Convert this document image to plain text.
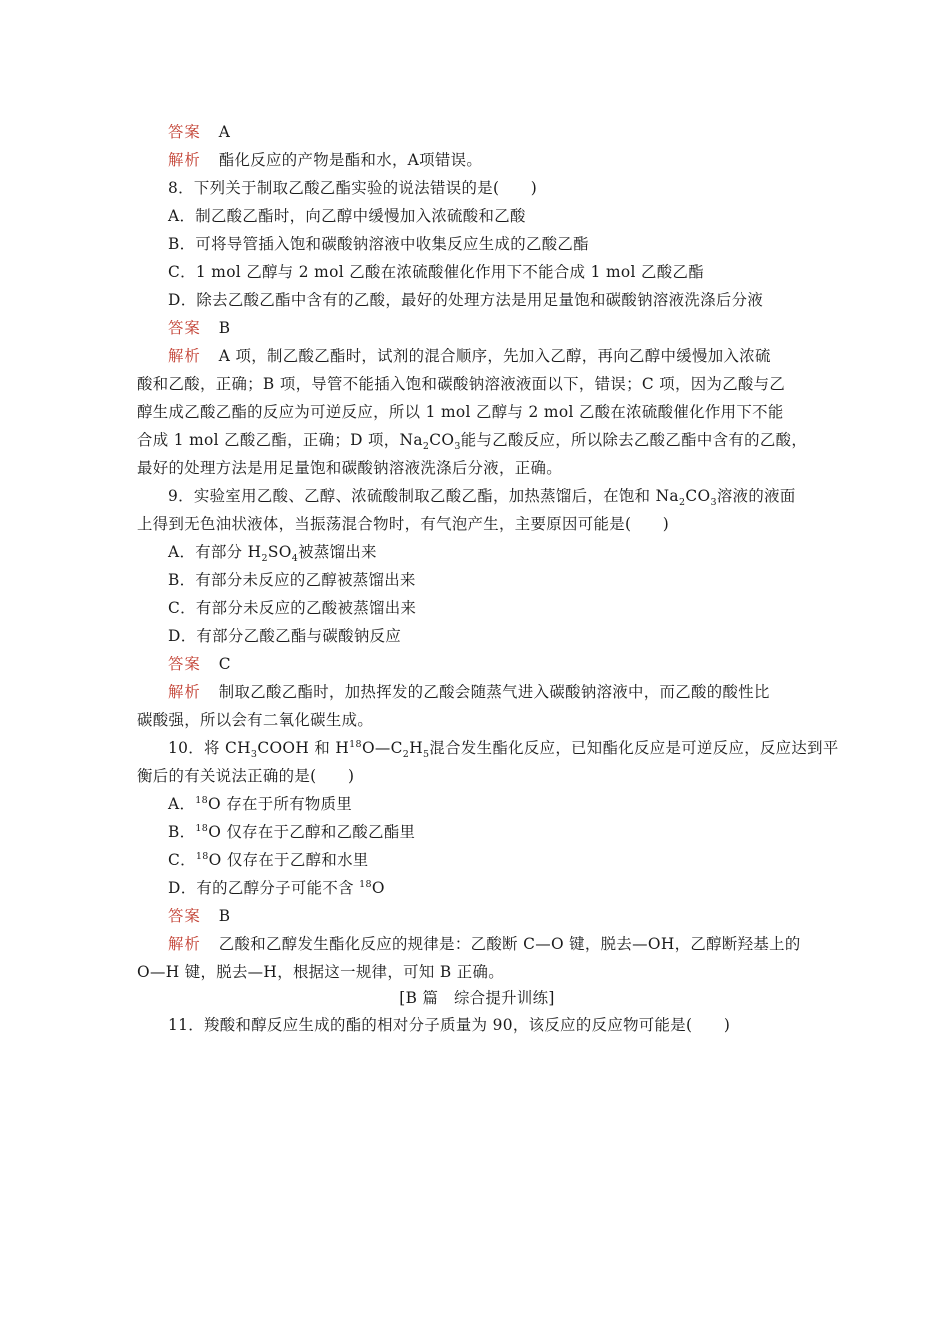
答案 A
解析 酯化反应的产物是酯和水，A项错误。
8．下列关于制取乙酸乙酯实验的说法错误的是(　　)
A．制乙酸乙酯时，向乙醇中缓慢加入浓硫酸和乙酸
B．可将导管插入饱和碳酸钠溶液中收集反应生成的乙酸乙酯
C．1 mol 乙醇与 2 mol 乙酸在浓硫酸催化作用下不能合成 1 mol 乙酸乙酯
D．除去乙酸乙酯中含有的乙酸，最好的处理方法是用足量饱和碳酸钠溶液洗涤后分液
答案 B
解析 A 项，制乙酸乙酯时，试剂的混合顺序，先加入乙醇，再向乙醇中缓慢加入浓硫
酸和乙酸，正确；B 项，导管不能插入饱和碳酸钠溶液液面以下，错误；C 项，因为乙酸与乙
醇生成乙酸乙酯的反应为可逆反应，所以 1 mol 乙醇与 2 mol 乙酸在浓硫酸催化作用下不能
合成 1 mol 乙酸乙酯，正确；D 项，$Na_2CO_3$能与乙酸反应，所以除去乙酸乙酯中含有的乙酸，
最好的处理方法是用足量饱和碳酸钠溶液洗涤后分液，正确。
9．实验室用乙酸、乙醇、浓硫酸制取乙酸乙酯，加热蒸馏后，在饱和 $Na_2CO_3$溶液的液面
上得到无色油状液体，当振荡混合物时，有气泡产生，主要原因可能是(　　)
A．有部分 $H_2SO_4$被蒸馏出来
B．有部分未反应的乙醇被蒸馏出来
C．有部分未反应的乙酸被蒸馏出来
D．有部分乙酸乙酯与碳酸钠反应
答案 C
解析 制取乙酸乙酯时，加热挥发的乙酸会随蒸气进入碳酸钠溶液中，而乙酸的酸性比
碳酸强，所以会有二氧化碳生成。
10．将 $CH_3COOH$ 和 $H^{18}O—C_2H_5$混合发生酯化反应，已知酯化反应是可逆反应，反应达到平
衡后的有关说法正确的是(　　)
A．$^{18}$O 存在于所有物质里
B．$^{18}$O 仅存在于乙醇和乙酸乙酯里
C．$^{18}$O 仅存在于乙醇和水里
D．有的乙醇分子可能不含 $^{18}$O
答案 B
解析 乙酸和乙醇发生酯化反应的规律是：乙酸断 C—O 键，脱去—OH，乙醇断羟基上的
O—H 键，脱去—H，根据这一规律，可知 B 正确。
[B 篇　综合提升训练]
11．羧酸和醇反应生成的酯的相对分子质量为 90，该反应的反应物可能是(　　)
